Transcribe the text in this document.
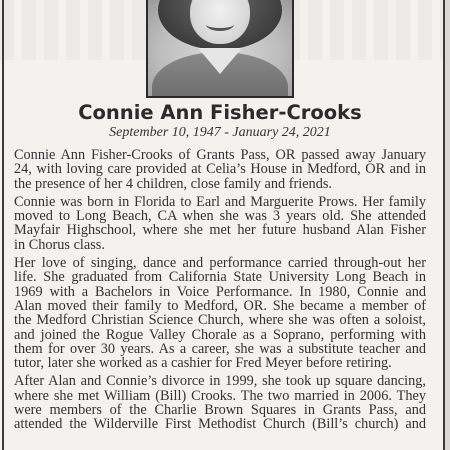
Connie Ann Fisher-Crooks
September 10, 1947 - January 24, 2021

Connie Ann Fisher-Crooks of Grants Pass, OR passed away January
24, with loving care provided at Celia’s House in Medford, OR and in
the presence of her 4 children, close family and friends.

Connie was born in Florida to Earl and Marguerite Prows. Her family
moved to Long Beach, CA when she was 3 years old. She attended
Mayfair Highschool, where she met her future husband Alan Fisher
in Chorus class.

Her love of singing, dance and performance carried through-out her
life. She graduated from California State University Long Beach in
1969 with a Bachelors in Voice Performance. In 1980, Connie and
Alan moved their family to Medford, OR. She became a member of
the Medford Christian Science Church, where she was often a soloist,
and joined the Rogue Valley Chorale as a Soprano, performing with
them for over 30 years. As a career, she was a substitute teacher and
tutor, later she worked as a cashier for Fred Meyer before retiring.

After Alan and Connie’s divorce in 1999, she took up square dancing,
where she met William (Bill) Crooks. The two married in 2006. They
were members of the Charlie Brown Squares in Grants Pass, and
attended the Wilderville First Methodist Church (Bill’s church) and
